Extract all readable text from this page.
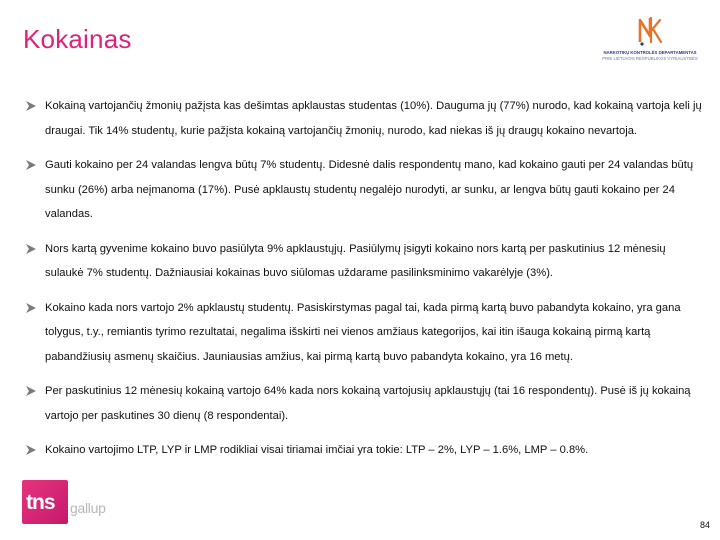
Kokainas	NARKOTIKŲ KONTROLĖS DEPARTAMENTAS
PRIE LIETUVOS RESPUBLIKOS VYRIAUSYBĖS
Kokainą vartojančių žmonių pažįsta kas dešimtas apklaustas studentas (10%). Dauguma jų (77%) nurodo, kad kokainą vartoja keli jų draugai. Tik 14% studentų, kurie pažįsta kokainą vartojančių žmonių, nurodo, kad niekas iš jų draugų kokaino nevartoja.
Gauti kokaino per 24 valandas lengva būtų 7% studentų. Didesnė dalis respondentų mano, kad kokaino gauti per 24 valandas būtų sunku (26%) arba neįmanoma (17%). Pusė apklaustų studentų negalėjo nurodyti, ar sunku, ar lengva būtų gauti kokaino per 24 valandas.
Nors kartą gyvenime kokaino buvo pasiūlyta 9% apklaustųjų. Pasiūlymų įsigyti kokaino nors kartą per paskutinius 12 mėnesių sulaukė 7% studentų. Dažniausiai kokainas buvo siūlomas uždarame pasilinksminimo vakarėlyje (3%).
Kokaino kada nors vartojo 2% apklaustų studentų. Pasiskirstymas pagal tai, kada pirmą kartą buvo pabandyta kokaino, yra gana tolygus, t.y., remiantis tyrimo rezultatai, negalima išskirti nei vienos amžiaus kategorijos, kai itin išauga kokainą pirmą kartą pabandžiusių asmenų skaičius. Jauniausias amžius, kai pirmą kartą buvo pabandyta kokaino, yra 16 metų.
Per paskutinius 12 mėnesių kokainą vartojo 64% kada nors kokainą vartojusių apklaustųjų (tai 16 respondentų). Pusė iš jų kokainą vartojo per paskutines 30 dienų (8 respondentai).
Kokaino vartojimo LTP, LYP ir LMP rodikliai visai tiriamai imčiai yra tokie: LTP – 2%, LYP – 1.6%, LMP – 0.8%.
tns gallup
84
